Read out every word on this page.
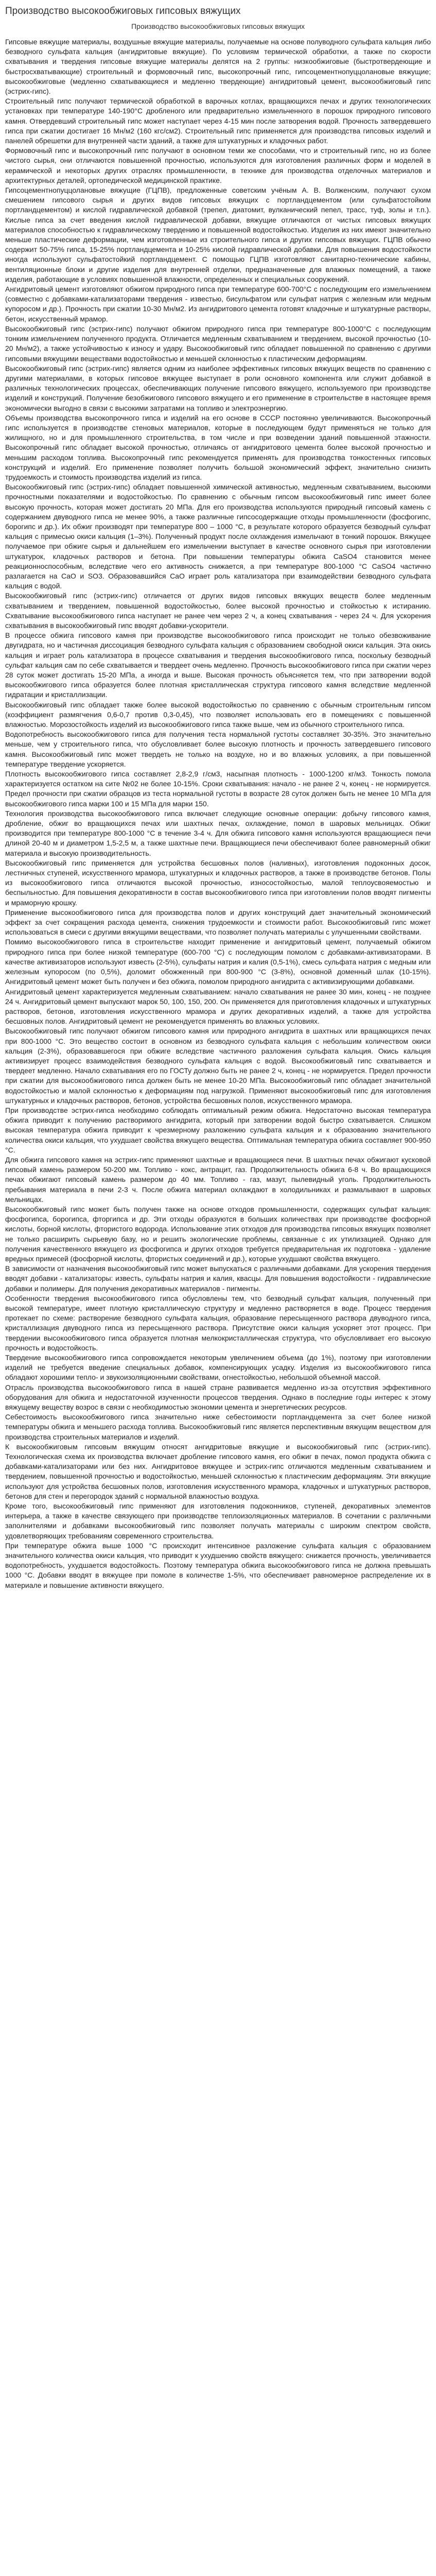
Производство высокообжиговых гипсовых вяжущих
Производство высокообжиговых гипсовых вяжущих

Гипсовые вяжущие материалы, воздушные вяжущие материалы, получаемые на основе полуводного сульфата кальция либо безводного сульфата кальция (ангидритовые вяжущие). По условиям термической обработки, а также по скорости схватывания и твердения гипсовые вяжущие материалы делятся на 2 группы: низкообжиговые (быстротвердеющие и быстросхватывающие) строительный и формовочный гипс, высокопрочный гипс, гипсоцементнопуццолановые вяжущие; высокообжиговые (медленно схватывающиеся и медленно твердеющие) ангидритовый цемент, высокообжиговый гипс (эстрих-гипс).

Строительный гипс получают термической обработкой в варочных котлах, вращающихся печах и других технологических установках при температуре 140-190°С дробленого или предварительно измельченного в порошок природного гипсового камня. Отвердевший строительный гипс может наступает через 4-15 мин после затворения водой. Прочность затвердевшего гипса при сжатии достигает 16 Мн/м2 (160 кгс/см2). Строительный гипс применяется для производства гипсовых изделий и панелей обрешетки для внутренней части зданий, а также для штукатурных и кладочных работ.

Формовочный гипс и высокопрочный гипс получают в основном теми же способами, что и строительный гипс, но из более чистого сырья, они отличаются повышенной прочностью, используются для изготовления различных форм и моделей в керамической и некоторых других отраслях промышленности, в технике для производства отделочных материалов и архитектурных деталей, ортопедической медицинской практике.

Гипсоцементнопуццолановые вяжущие (ГЦПВ), предложенные советским учёным А. В. Волженским, получают сухом смешением гипсового сырья и других видов гипсовых вяжущих с портландцементом (или сульфатостойким портландцементом) и кислой гидравлической добавкой (трепел, диатомит, вулканический пепел, трасс, туф, золы и т.п.). Кислые гипса за счет введения кислой гидравлической добавки, вяжущие отличаются от чистых гипсовых вяжущих материалов способностью к гидравлическому твердению и повышенной водостойкостью. Изделия из них имеют значительно меньше пластические деформации, чем изготовленные из строительного гипса и других гипсовых вяжущих. ГЦПВ обычно содержит 50-75% гипса, 15-25% портландцемента и 10-25% кислой гидравлической добавки. Для повышения водостойкости иногда используют сульфатостойкий портландцемент. С помощью ГЦПВ изготовляют санитарно-технические кабины, вентиляционные блоки и другие изделия для внутренней отделки, предназначенные для влажных помещений, а также изделия, работающие в условиях повышенной влажности, определенных и специальных сооружений.

Ангидритовый цемент изготовляют обжигом природного гипса при температуре 600-700°С с последующим его измельчением (совместно с добавками-катализаторами твердения - известью, бисульфатом или сульфат натрия с железным или медным купоросом и др.). Прочность при сжатии 10-30 Мн/м2. Из ангидритового цемента готовят кладочные и штукатурные растворы, бетон, искусственный мрамор.

Высокообжиговый гипс (эстрих-гипс) получают обжигом природного гипса при температуре 800-1000°С с последующим тонким измельчением полученного продукта. Отличается медленным схватыванием и твердением, высокой прочностью (10-20 Мн/м2), а также устойчивостью к износу и удару. Высокообжиговый гипс обладает повышенной по сравнению с другими гипсовыми вяжущими веществами водостойкостью и меньшей склонностью к пластическим деформациям.

Высокообжиговый гипс (эстрих-гипс) является одним из наиболее эффективных гипсовых вяжущих веществ по сравнению с другими материалами, в которых гипсовое вяжущее выступает в роли основного компонента или служит добавкой в различных технологических процессах, обеспечивающих получение гипсового вяжущего, используемого при производстве изделий и конструкций. Получение безобжигового гипсового вяжущего и его применение в строительстве в настоящее время экономически выгодно в связи с высокими затратами на топливо и электроэнергию.

Объемы производства высокопрочного гипса и изделий на его основе в СССР постоянно увеличиваются. Высокопрочный гипс используется в производстве стеновых материалов, которые в последующем будут применяться не только для жилищного, но и для промышленного строительства, в том числе и при возведении зданий повышенной этажности. Высокопрочный гипс обладает высокой прочностью, отличаясь от ангидритового цемента более высокой прочностью и меньшим расходом топлива. Высокопрочный гипс рекомендуется применять для производства тонкостенных гипсовых конструкций и изделий. Его применение позволяет получить большой экономический эффект, значительно снизить трудоемкость и стоимость производства изделий из гипса.

Высокообжиговый гипс (эстрих-гипс) обладает повышенной химической активностью, медленным схватыванием, высокими прочностными показателями и водостойкостью. По сравнению с обычным гипсом высокообжиговый гипс имеет более высокую прочность, которая может достигать 20 МПа. Для его производства используются природный гипсовый камень с содержанием двуводного гипса не менее 90%, а также различные гипсосодержащие отходы промышленности (фосфогипс, борогипс и др.). Их обжиг производят при температуре 800 – 1000 °С, в результате которого образуется безводный сульфат кальция с примесью окиси кальция (1–3%). Полученный продукт после охлаждения измельчают в тонкий порошок. Вяжущее получаемое при обжиге сырья и дальнейшем его измельчении выступает в качестве основного сырья при изготовлении штукатурок, кладочных растворов и бетона. При повышении температуры обжига CaSO4 становится менее реакционноспособным, вследствие чего его активность снижается, а при температуре 800-1000 °С CaSO4 частично разлагается на CaO и SO3. Образовавшийся CaO играет роль катализатора при взаимодействии безводного сульфата кальция с водой.

Высокообжиговый гипс (эстрих-гипс) отличается от других видов гипсовых вяжущих веществ более медленным схватыванием и твердением, повышенной водостойкостью, более высокой прочностью и стойкостью к истиранию. Схватывание высокообжигового гипса наступает не ранее чем через 2 ч, а конец схватывания - через 24 ч. Для ускорения схватывания в высокообжиговый гипс вводят добавки-ускорители.

В процессе обжига гипсового камня при производстве высокообжигового гипса происходит не только обезвоживание двугидрата, но и частичная диссоциация безводного сульфата кальция с образованием свободной окиси кальция. Эта окись кальция и играет роль катализатора в процессе схватывания и твердения высокообжигового гипса, поскольку безводный сульфат кальция сам по себе схватывается и твердеет очень медленно. Прочность высокообжигового гипса при сжатии через 28 суток может достигать 15-20 МПа, а иногда и выше. Высокая прочность объясняется тем, что при затворении водой высокообжигового гипса образуется более плотная кристаллическая структура гипсового камня вследствие медленной гидратации и кристаллизации.

Высокообжиговый гипс обладает также более высокой водостойкостью по сравнению с обычным строительным гипсом (коэффициент размягчения 0,6-0,7 против 0,3-0,45), что позволяет использовать его в помещениях с повышенной влажностью. Морозостойкость изделий из высокообжигового гипса также выше, чем из обычного строительного гипса.

Водопотребность высокообжигового гипса для получения теста нормальной густоты составляет 30-35%. Это значительно меньше, чем у строительного гипса, что обусловливает более высокую плотность и прочность затвердевшего гипсового камня. Высокообжиговый гипс может твердеть не только на воздухе, но и во влажных условиях, а при повышенной температуре твердение ускоряется.

Плотность высокообжигового гипса составляет 2,8-2,9 г/см3, насыпная плотность - 1000-1200 кг/м3. Тонкость помола характеризуется остатком на сите №02 не более 10-15%. Сроки схватывания: начало - не ранее 2 ч, конец - не нормируется. Предел прочности при сжатии образцов из теста нормальной густоты в возрасте 28 суток должен быть не менее 10 МПа для высокообжигового гипса марки 100 и 15 МПа для марки 150.

Технология производства высокообжигового гипса включает следующие основные операции: добычу гипсового камня, дробление, обжиг во вращающихся печах или шахтных печах, охлаждение, помол в шаровых мельницах. Обжиг производится при температуре 800-1000 °С в течение 3-4 ч. Для обжига гипсового камня используются вращающиеся печи длиной 20-40 м и диаметром 1,5-2,5 м, а также шахтные печи. Вращающиеся печи обеспечивают более равномерный обжиг материала и высокую производительность.

Высокообжиговый гипс применяется для устройства бесшовных полов (наливных), изготовления подоконных досок, лестничных ступеней, искусственного мрамора, штукатурных и кладочных растворов, а также в производстве бетонов. Полы из высокообжигового гипса отличаются высокой прочностью, износостойкостью, малой теплоусвояемостью и беспыльностью. Для повышения декоративности в состав высокообжигового гипса при изготовлении полов вводят пигменты и мраморную крошку.

Применение высокообжигового гипса для производства полов и других конструкций дает значительный экономический эффект за счет сокращения расхода цемента, снижения трудоемкости и стоимости работ. Высокообжиговый гипс может использоваться в смеси с другими вяжущими веществами, что позволяет получать материалы с улучшенными свойствами.

Помимо высокообжигового гипса в строительстве находит применение и ангидритовый цемент, получаемый обжигом природного гипса при более низкой температуре (600-700 °С) с последующим помолом с добавками-активизаторами. В качестве активизаторов используют известь (2-5%), сульфаты натрия и калия (0,5-1%), смесь сульфата натрия с медным или железным купоросом (по 0,5%), доломит обожженный при 800-900 °С (3-8%), основной доменный шлак (10-15%). Ангидритовый цемент может быть получен и без обжига, помолом природного ангидрита с активизирующими добавками.

Ангидритовый цемент характеризуется медленным схватыванием: начало схватывания не ранее 30 мин, конец - не позднее 24 ч. Ангидритовый цемент выпускают марок 50, 100, 150, 200. Он применяется для приготовления кладочных и штукатурных растворов, бетонов, изготовления искусственного мрамора и других декоративных изделий, а также для устройства бесшовных полов. Ангидритовый цемент не рекомендуется применять во влажных условиях.

Высокообжиговый гипс получают обжигом гипсового камня или природного ангидрита в шахтных или вращающихся печах при 800-1000 °С. Это вещество состоит в основном из безводного сульфата кальция с небольшим количеством окиси кальция (2-3%), образовавшегося при обжиге вследствие частичного разложения сульфата кальция. Окись кальция активизирует процесс взаимодействия безводного сульфата кальция с водой. Высокообжиговый гипс схватывается и твердеет медленно. Начало схватывания его по ГОСТу должно быть не ранее 2 ч, конец - не нормируется. Предел прочности при сжатии для высокообжигового гипса должен быть не менее 10-20 МПа. Высокообжиговый гипс обладает значительной водостойкостью и малой склонностью к деформациям под нагрузкой. Применяют высокообжиговый гипс для изготовления штукатурных и кладочных растворов, бетонов, устройства бесшовных полов, искусственного мрамора.

При производстве эстрих-гипса необходимо соблюдать оптимальный режим обжига. Недостаточно высокая температура обжига приводит к получению растворимого ангидрита, который при затворении водой быстро схватывается. Слишком высокая температура обжига приводит к чрезмерному разложению сульфата кальция и к образованию значительного количества окиси кальция, что ухудшает свойства вяжущего вещества. Оптимальная температура обжига составляет 900-950 °С.

Для обжига гипсового камня на эстрих-гипс применяют шахтные и вращающиеся печи. В шахтных печах обжигают кусковой гипсовый камень размером 50-200 мм. Топливо - кокс, антрацит, газ. Продолжительность обжига 6-8 ч. Во вращающихся печах обжигают гипсовый камень размером до 40 мм. Топливо - газ, мазут, пылевидный уголь. Продолжительность пребывания материала в печи 2-3 ч. После обжига материал охлаждают в холодильниках и размалывают в шаровых мельницах.

Высокообжиговый гипс может быть получен также на основе отходов промышленности, содержащих сульфат кальция: фосфогипса, борогипса, фторгипса и др. Эти отходы образуются в больших количествах при производстве фосфорной кислоты, борной кислоты, фтористого водорода. Использование этих отходов для производства гипсовых вяжущих позволяет не только расширить сырьевую базу, но и решить экологические проблемы, связанные с их утилизацией. Однако для получения качественного вяжущего из фосфогипса и других отходов требуется предварительная их подготовка - удаление вредных примесей (фосфорной кислоты, фтористых соединений и др.), которые ухудшают свойства вяжущего.

В зависимости от назначения высокообжиговый гипс может выпускаться с различными добавками. Для ускорения твердения вводят добавки - катализаторы: известь, сульфаты натрия и калия, квасцы. Для повышения водостойкости - гидравлические добавки и полимеры. Для получения декоративных материалов - пигменты.

Особенности твердения высокообжигового гипса обусловлены тем, что безводный сульфат кальция, полученный при высокой температуре, имеет плотную кристаллическую структуру и медленно растворяется в воде. Процесс твердения протекает по схеме: растворение безводного сульфата кальция, образование пересыщенного раствора двуводного гипса, кристаллизация двуводного гипса из пересыщенного раствора. Присутствие окиси кальция ускоряет этот процесс. При твердении высокообжигового гипса образуется плотная мелкокристаллическая структура, что обусловливает его высокую прочность и водостойкость.

Твердение высокообжигового гипса сопровождается некоторым увеличением объема (до 1%), поэтому при изготовлении изделий не требуется введение специальных добавок, компенсирующих усадку. Изделия из высокообжигового гипса обладают хорошими тепло- и звукоизоляционными свойствами, огнестойкостью, небольшой объемной массой.

Отрасль производства высокообжигового гипса в нашей стране развивается медленно из-за отсутствия эффективного оборудования для обжига и недостаточной изученности процессов твердения. Однако в последние годы интерес к этому вяжущему веществу возрос в связи с необходимостью экономии цемента и энергетических ресурсов.

Себестоимость высокообжигового гипса значительно ниже себестоимости портландцемента за счет более низкой температуры обжига и меньшего расхода топлива. Высокообжиговый гипс является перспективным вяжущим веществом для производства строительных материалов и изделий.

К высокообжиговым гипсовым вяжущим относят ангидритовые вяжущие и высокообжиговый гипс (эстрих-гипс). Технологическая схема их производства включает дробление гипсового камня, его обжиг в печах, помол продукта обжига с добавками-катализаторами или без них. Ангидритовое вяжущее и эстрих-гипс отличаются медленным схватыванием и твердением, повышенной прочностью и водостойкостью, меньшей склонностью к пластическим деформациям. Эти вяжущие используют для устройства бесшовных полов, изготовления искусственного мрамора, кладочных и штукатурных растворов, бетонов для стен и перегородок зданий с нормальной влажностью воздуха.

Кроме того, высокообжиговый гипс применяют для изготовления подоконников, ступеней, декоративных элементов интерьера, а также в качестве связующего при производстве теплоизоляционных материалов. В сочетании с различными заполнителями и добавками высокообжиговый гипс позволяет получать материалы с широким спектром свойств, удовлетворяющих требованиям современного строительства.

При температуре обжига выше 1000 °С происходит интенсивное разложение сульфата кальция с образованием значительного количества окиси кальция, что приводит к ухудшению свойств вяжущего: снижается прочность, увеличивается водопотребность, ухудшается водостойкость. Поэтому температура обжига высокообжигового гипса не должна превышать 1000 °С. Добавки вводят в вяжущее при помоле в количестве 1-5%, что обеспечивает равномерное распределение их в материале и повышение активности вяжущего.
